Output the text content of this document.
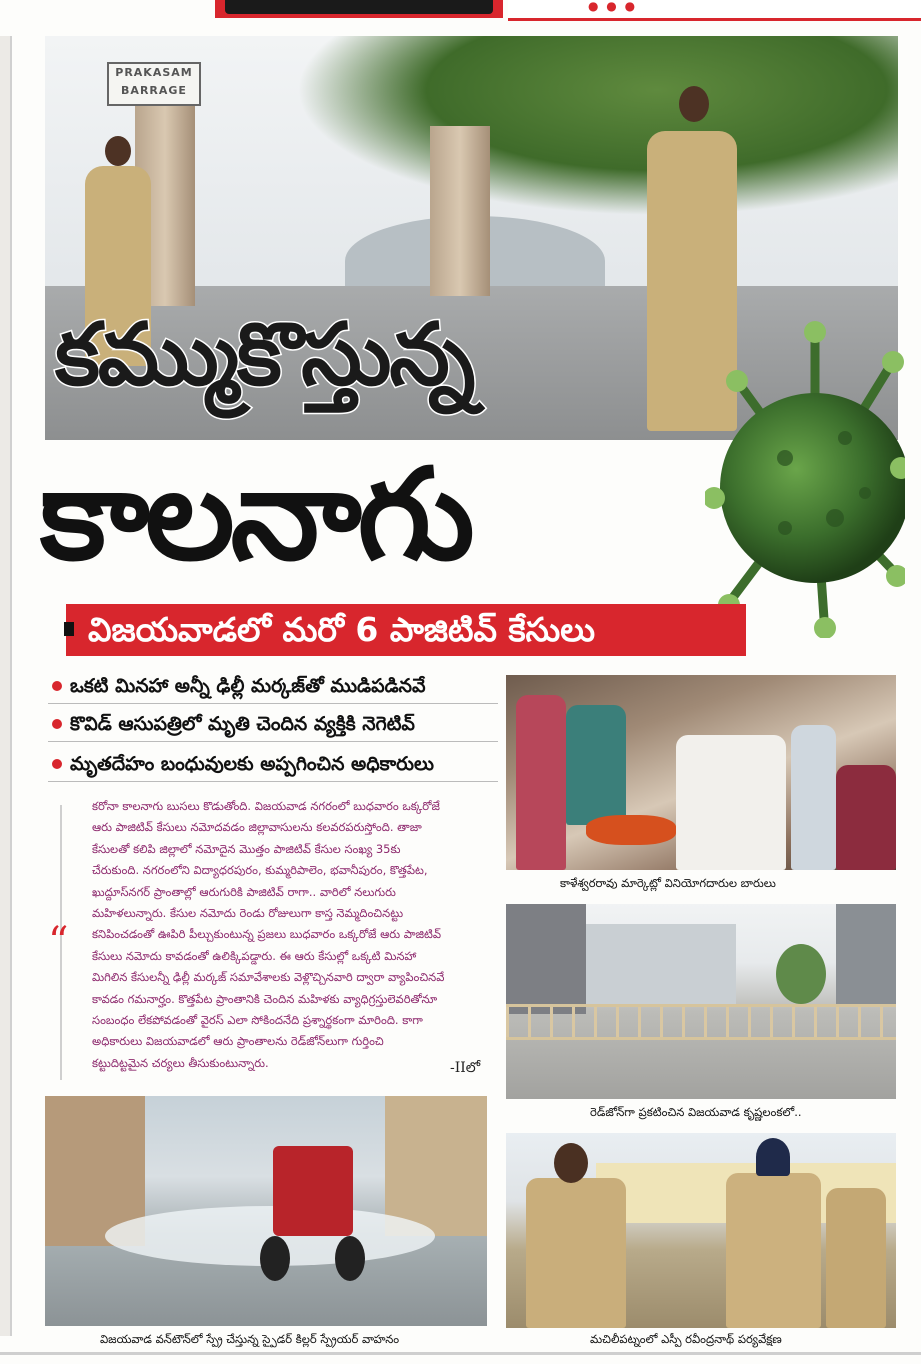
● ● ●
PRAKASAM
BARRAGE
కమ్ముకొస్తున్న
కాలనాగు
విజయవాడలో మరో 6 పాజిటివ్ కేసులు
ఒకటి మినహా అన్నీ ఢిల్లీ మర్కజ్‌తో ముడిపడినవే
కొవిడ్ ఆసుపత్రిలో మృతి చెందిన వ్యక్తికి నెగెటివ్
మృతదేహం బంధువులకు అప్పగించిన అధికారులు
“

కరోనా కాలనాగు బుసలు కొడుతోంది. విజయవాడ నగరంలో బుధవారం ఒక్కరోజే

ఆరు పాజిటివ్ కేసులు నమోదవడం జిల్లావాసులను కలవరపరుస్తోంది. తాజా

కేసులతో కలిపి జిల్లాలో నమోదైన మొత్తం పాజిటివ్ కేసుల సంఖ్య 35కు

చేరుకుంది. నగరంలోని విద్యాధరపురం, కుమ్మరిపాలెం, భవానీపురం, కొత్తపేట,

ఖుద్దూస్‌నగర్ ప్రాంతాల్లో ఆరుగురికి పాజిటివ్ రాగా.. వారిలో నలుగురు

మహిళలున్నారు. కేసుల నమోదు రెండు రోజులుగా కాస్త నెమ్మదించినట్టు

కనిపించడంతో ఊపిరి పీల్చుకుంటున్న ప్రజలు బుధవారం ఒక్కరోజే ఆరు పాజిటివ్

కేసులు నమోదు కావడంతో ఉలిక్కిపడ్డారు. ఈ ఆరు కేసుల్లో ఒక్కటి మినహా

మిగిలిన కేసులన్నీ ఢిల్లీ మర్కజ్ సమావేశాలకు వెళ్లొచ్చినవారి ద్వారా వ్యాపించినవే

కావడం గమనార్హం. కొత్తపేట ప్రాంతానికి చెందిన మహిళకు వ్యాధిగ్రస్తులెవరితోనూ

సంబంధం లేకపోవడంతో వైరస్ ఎలా సోకిందనేది ప్రశ్నార్థకంగా మారింది. కాగా

అధికారులు విజయవాడలో ఆరు ప్రాంతాలను రెడ్‌జోన్‌లుగా గుర్తించి

కట్టుదిట్టమైన చర్యలు తీసుకుంటున్నారు.	-IIలో
కాళేశ్వరరావు మార్కెట్లో వినియోగదారుల బారులు
రెడ్‌జోన్‌గా ప్రకటించిన విజయవాడ కృష్ణలంకలో..
విజయవాడ వన్‌టౌన్‌లో స్ప్రే చేస్తున్న స్పైడర్ కిల్లర్ స్ప్రేయర్ వాహనం	మచిలీపట్నంలో ఎస్పీ రవీంద్రనాథ్ పర్యవేక్షణ
